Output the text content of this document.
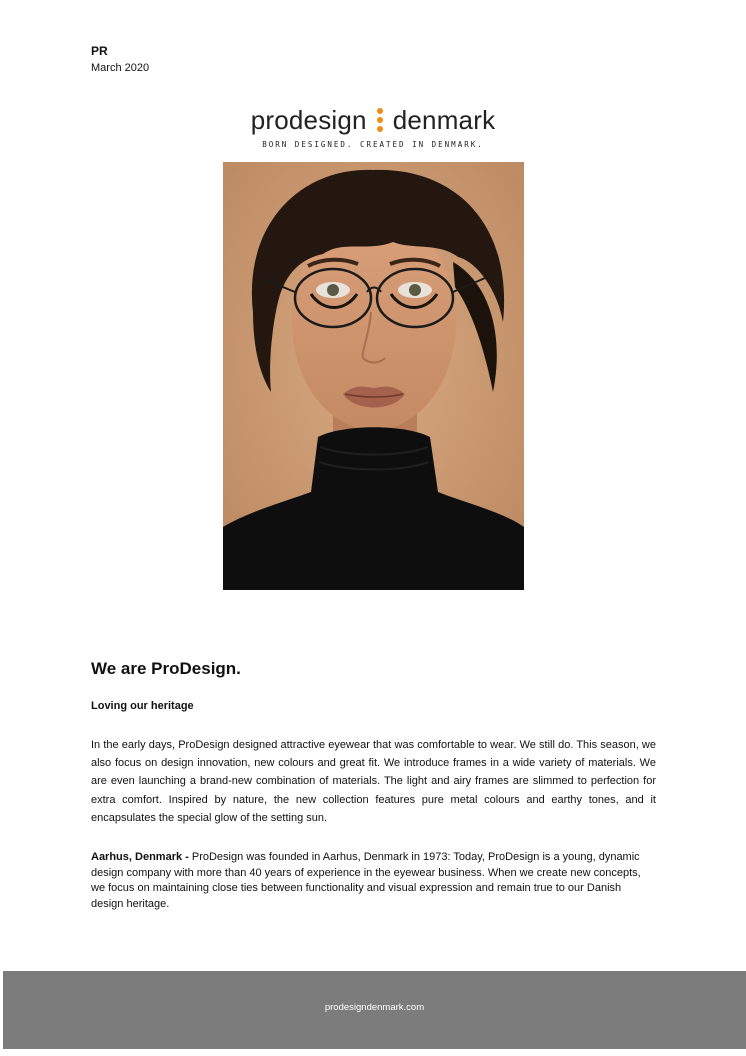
PR
March 2020
prodesign denmark
BORN DESIGNED. CREATED IN DENMARK.
We are ProDesign.
Loving our heritage

In the early days, ProDesign designed attractive eyewear that was comfortable to wear. We still do. This season, we also focus on design innovation, new colours and great fit. We introduce frames in a wide variety of materials. We are even launching a brand-new combination of materials. The light and airy frames are slimmed to perfection for extra comfort. Inspired by nature, the new collection features pure metal colours and earthy tones, and it encapsulates the special glow of the setting sun.

Aarhus, Denmark - ProDesign was founded in Aarhus, Denmark in 1973: Today, ProDesign is a young, dynamic design company with more than 40 years of experience in the eyewear business. When we create new concepts, we focus on maintaining close ties between functionality and visual expression and remain true to our Danish design heritage.

prodesigndenmark.com
